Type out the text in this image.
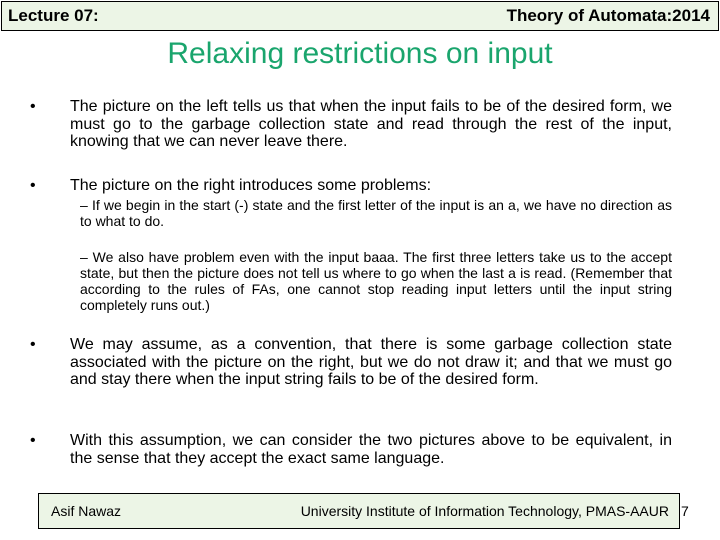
Lecture 07:	Theory of Automata:2014
Relaxing restrictions on input
• The picture on the left tells us that when the input fails to be of the desired form, we must go to the garbage collection state and read through the rest of the input, knowing that we can never leave there.
• The picture on the right introduces some problems:
– If we begin in the start (-) state and the first letter of the input is an a, we have no direction as to what to do.
– We also have problem even with the input baaa. The first three letters take us to the accept state, but then the picture does not tell us where to go when the last a is read. (Remember that according to the rules of FAs, one cannot stop reading input letters until the input string completely runs out.)
• We may assume, as a convention, that there is some garbage collection state associated with the picture on the right, but we do not draw it; and that we must go and stay there when the input string fails to be of the desired form.
• With this assumption, we can consider the two pictures above to be equivalent, in the sense that they accept the exact same language.
Asif Nawaz	University Institute of Information Technology, PMAS-AAUR 7
